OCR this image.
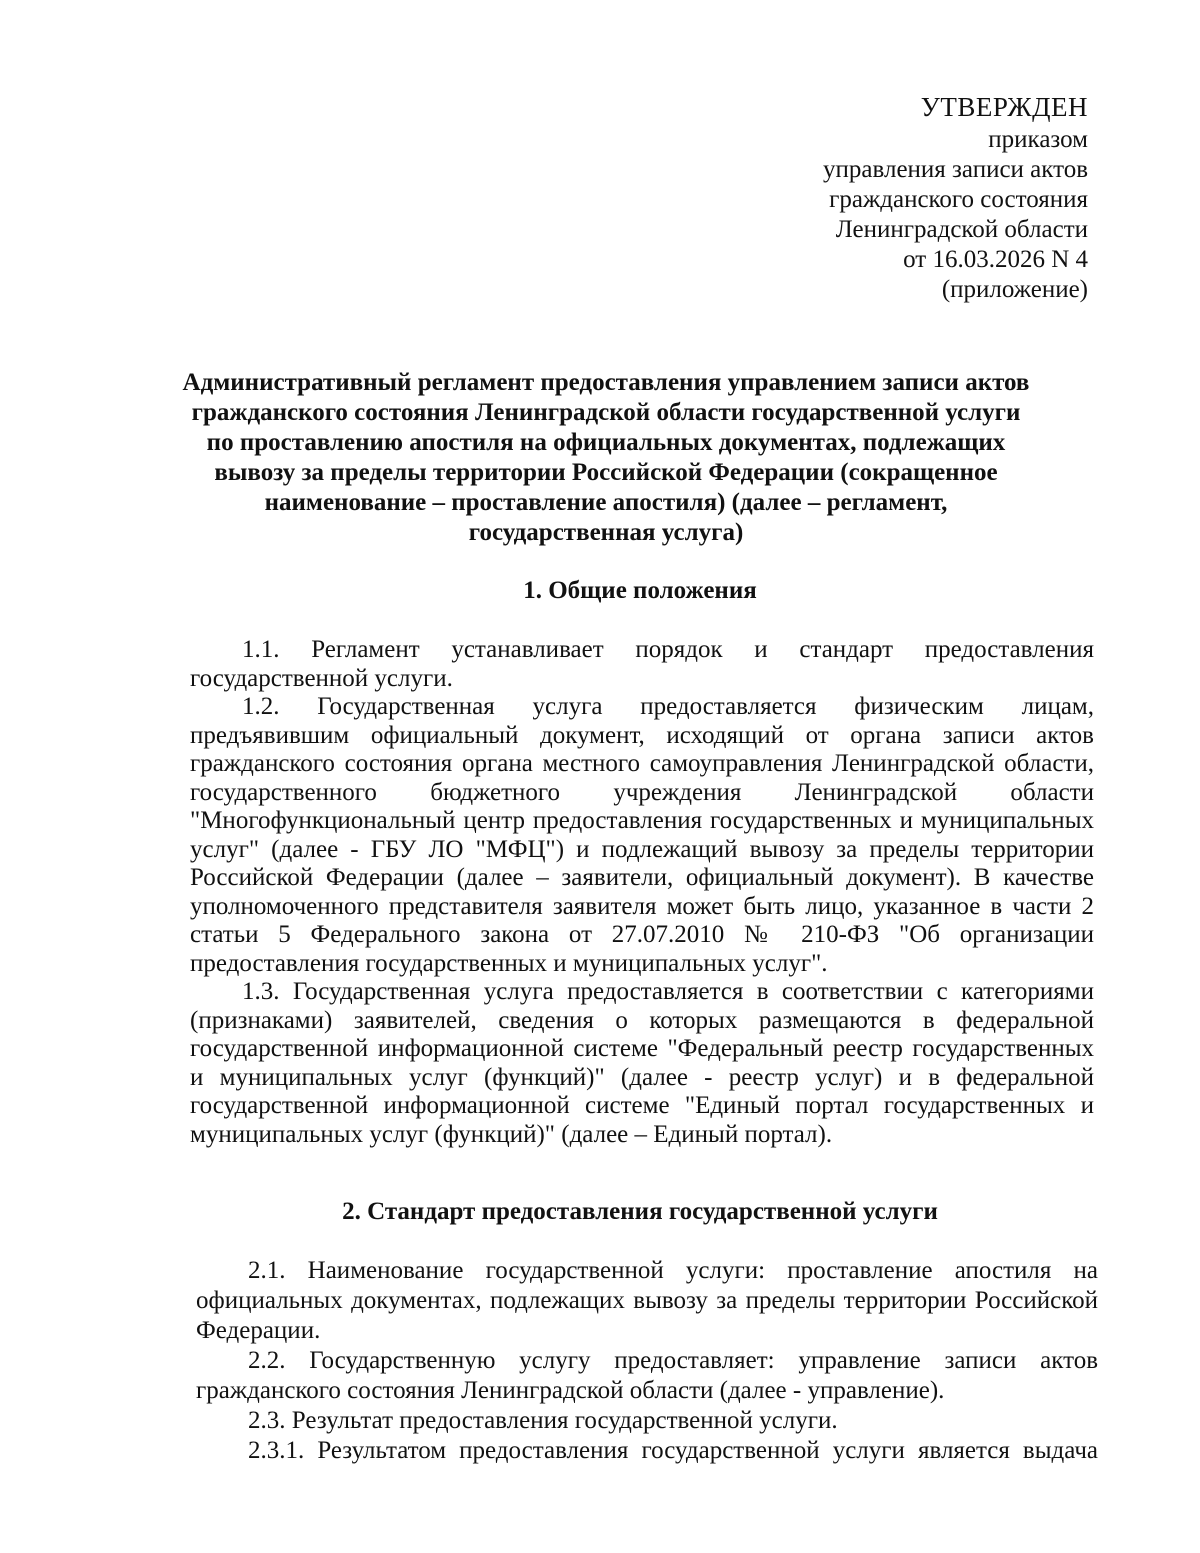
УТВЕРЖДЕН
приказом
управления записи актов
гражданского состояния
Ленинградской области
от 16.03.2026 N 4
(приложение)
Административный регламент предоставления управлением записи актов гражданского состояния Ленинградской области государственной услуги по проставлению апостиля на официальных документах, подлежащих вывозу за пределы территории Российской Федерации (сокращенное наименование – проставление апостиля) (далее – регламент, государственная услуга)
1. Общие положения

1.1. Регламент устанавливает порядок и стандарт предоставления государственной услуги.

1.2. Государственная услуга предоставляется физическим лицам, предъявившим официальный документ, исходящий от органа записи актов гражданского состояния органа местного самоуправления Ленинградской области, государственного бюджетного учреждения Ленинградской области "Многофункциональный центр предоставления государственных и муниципальных услуг" (далее - ГБУ ЛО "МФЦ") и подлежащий вывозу за пределы территории Российской Федерации (далее – заявители, официальный документ). В качестве уполномоченного представителя заявителя может быть лицо, указанное в части 2 статьи 5 Федерального закона от 27.07.2010 № 210-ФЗ "Об организации предоставления государственных и муниципальных услуг".

1.3. Государственная услуга предоставляется в соответствии с категориями (признаками) заявителей, сведения о которых размещаются в федеральной государственной информационной системе "Федеральный реестр государственных и муниципальных услуг (функций)" (далее - реестр услуг) и в федеральной государственной информационной системе "Единый портал государственных и муниципальных услуг (функций)" (далее – Единый портал).

2. Стандарт предоставления государственной услуги

2.1. Наименование государственной услуги: проставление апостиля на официальных документах, подлежащих вывозу за пределы территории Российской Федерации.

2.2. Государственную услугу предоставляет: управление записи актов гражданского состояния Ленинградской области (далее - управление).

2.3. Результат предоставления государственной услуги.

2.3.1. Результатом предоставления государственной услуги является выдача
